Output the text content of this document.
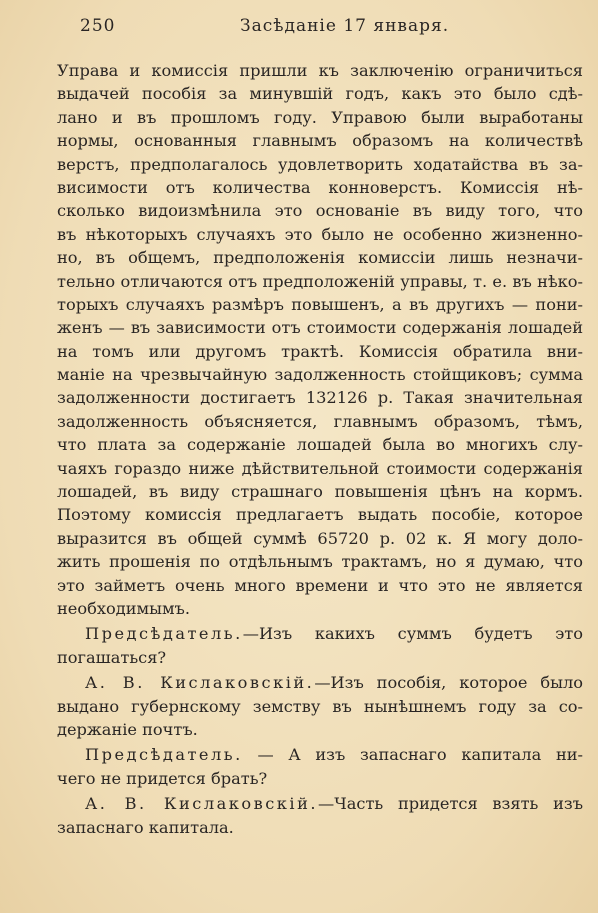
250	Засѣданіе 17 января.
Управа и комиссія пришли къ заключенію ограничиться
выдачей пособія за минувшій годъ, какъ это было сдѣ-
лано и въ прошломъ году. Управою были выработаны
нормы, основанныя главнымъ образомъ на количествѣ
верстъ, предполагалось удовлетворить ходатайства въ за-
висимости отъ количества конноверстъ. Комиссія нѣ-
сколько видоизмѣнила это основаніе въ виду того, что
въ нѣкоторыхъ случаяхъ это было не особенно жизненно-
но, въ общемъ, предположенія комиссіи лишь незначи-
тельно отличаются отъ предположеній управы, т. е. въ нѣко-
торыхъ случаяхъ размѣръ повышенъ, а въ другихъ — пони-
женъ — въ зависимости отъ стоимости содержанія лошадей
на томъ или другомъ трактѣ. Комиссія обратила вни-
маніе на чрезвычайную задолженность стойщиковъ; сумма
задолженности достигаетъ 132126 р. Такая значительная
задолженность объясняется, главнымъ образомъ, тѣмъ,
что плата за содержаніе лошадей была во многихъ слу-
чаяхъ гораздо ниже дѣйствительной стоимости содержанія
лошадей, въ виду страшнаго повышенія цѣнъ на кормъ.
Поэтому комиссія предлагаетъ выдать пособіе, которое
выразится въ общей суммѣ 65720 р. 02 к. Я могу доло-
жить прошенія по отдѣльнымъ трактамъ, но я думаю, что
это займетъ очень много времени и что это не является
необходимымъ.
Предсѣдатель.—Изъ какихъ суммъ будетъ это
погашаться?
А. В. Кислаковскій.—Изъ пособія, которое было
выдано губернскому земству въ нынѣшнемъ году за со-
держаніе почтъ.
Предсѣдатель. — А изъ запаснаго капитала ни-
чего не придется брать?
А. В. Кислаковскій.—Часть придется взять изъ
запаснаго капитала.
